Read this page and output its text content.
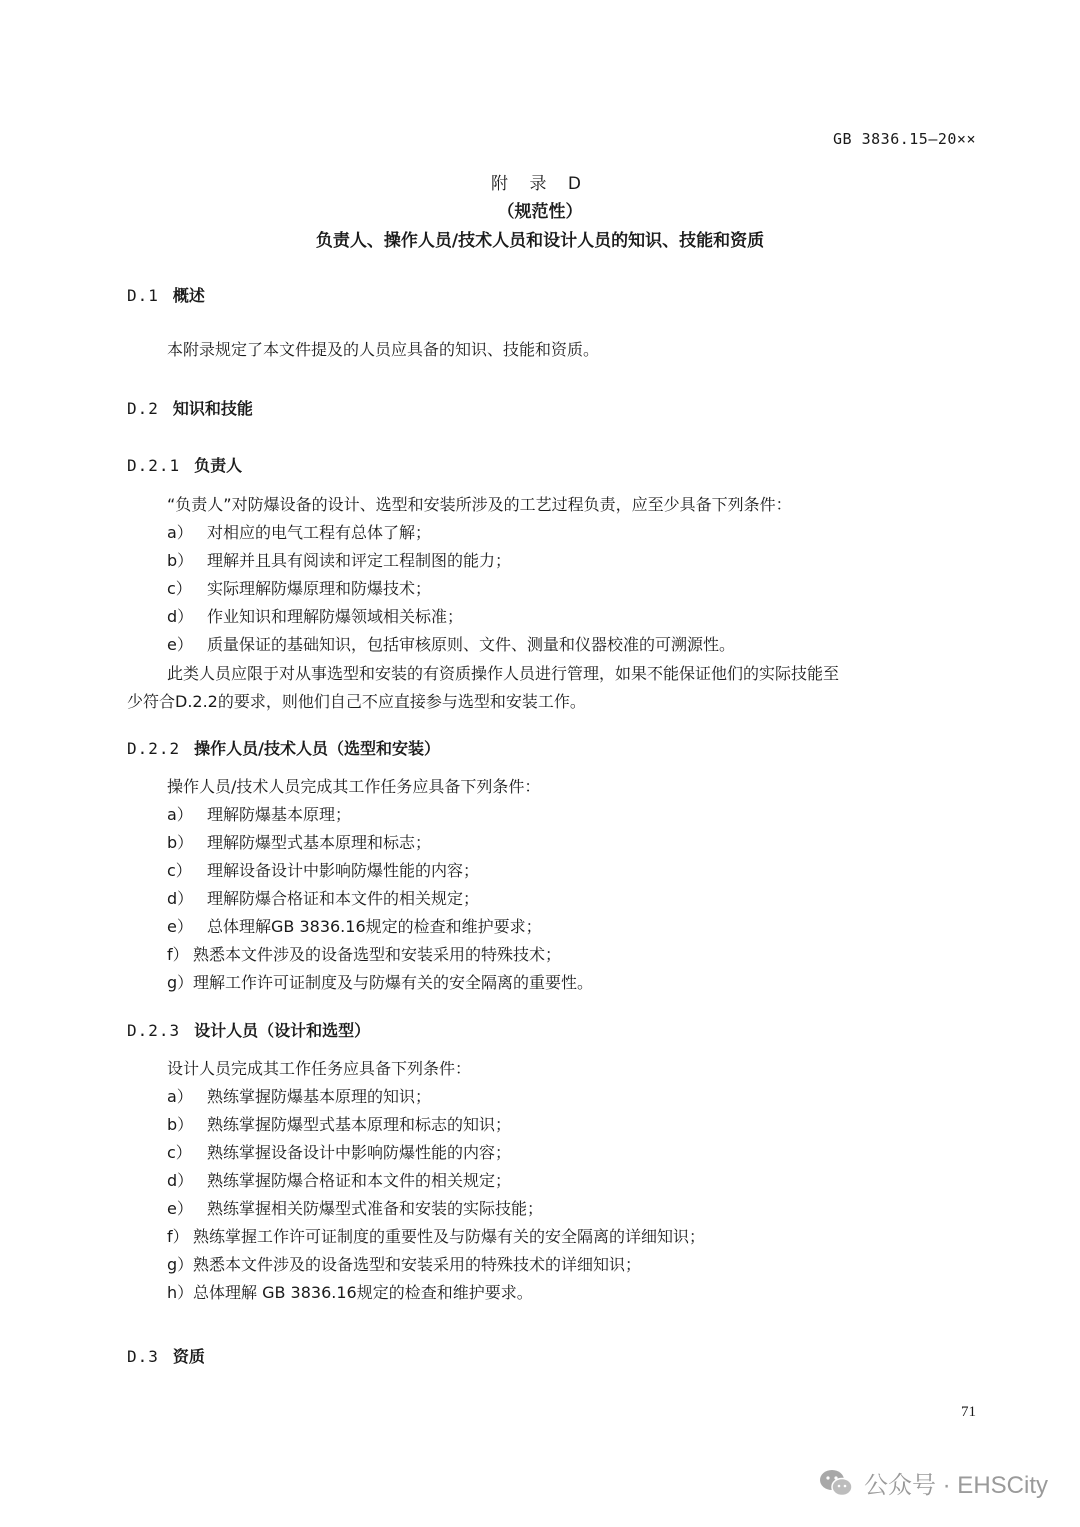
GB 3836.15—20××
附 录 D
（规范性）
负责人、操作人员/技术人员和设计人员的知识、技能和资质
D.1 概述
本附录规定了本文件提及的人员应具备的知识、技能和资质。
D.2 知识和技能
D.2.1 负责人
“负责人”对防爆设备的设计、选型和安装所涉及的工艺过程负责，应至少具备下列条件：
a） 对相应的电气工程有总体了解；
b） 理解并且具有阅读和评定工程制图的能力；
c） 实际理解防爆原理和防爆技术；
d） 作业知识和理解防爆领域相关标准；
e） 质量保证的基础知识，包括审核原则、文件、测量和仪器校准的可溯源性。
此类人员应限于对从事选型和安装的有资质操作人员进行管理，如果不能保证他们的实际技能至
少符合D.2.2的要求，则他们自己不应直接参与选型和安装工作。
D.2.2 操作人员/技术人员（选型和安装）
操作人员/技术人员完成其工作任务应具备下列条件：
a） 理解防爆基本原理；
b） 理解防爆型式基本原理和标志；
c） 理解设备设计中影响防爆性能的内容；
d） 理解防爆合格证和本文件的相关规定；
e） 总体理解GB 3836.16规定的检查和维护要求；
f） 熟悉本文件涉及的设备选型和安装采用的特殊技术；
g）理解工作许可证制度及与防爆有关的安全隔离的重要性。
D.2.3 设计人员（设计和选型）
设计人员完成其工作任务应具备下列条件：
a） 熟练掌握防爆基本原理的知识；
b） 熟练掌握防爆型式基本原理和标志的知识；
c） 熟练掌握设备设计中影响防爆性能的内容；
d） 熟练掌握防爆合格证和本文件的相关规定；
e） 熟练掌握相关防爆型式准备和安装的实际技能；
f） 熟练掌握工作许可证制度的重要性及与防爆有关的安全隔离的详细知识；
g）熟悉本文件涉及的设备选型和安装采用的特殊技术的详细知识；
h）总体理解 GB 3836.16规定的检查和维护要求。
D.3 资质
71
公众号 · EHSCity
